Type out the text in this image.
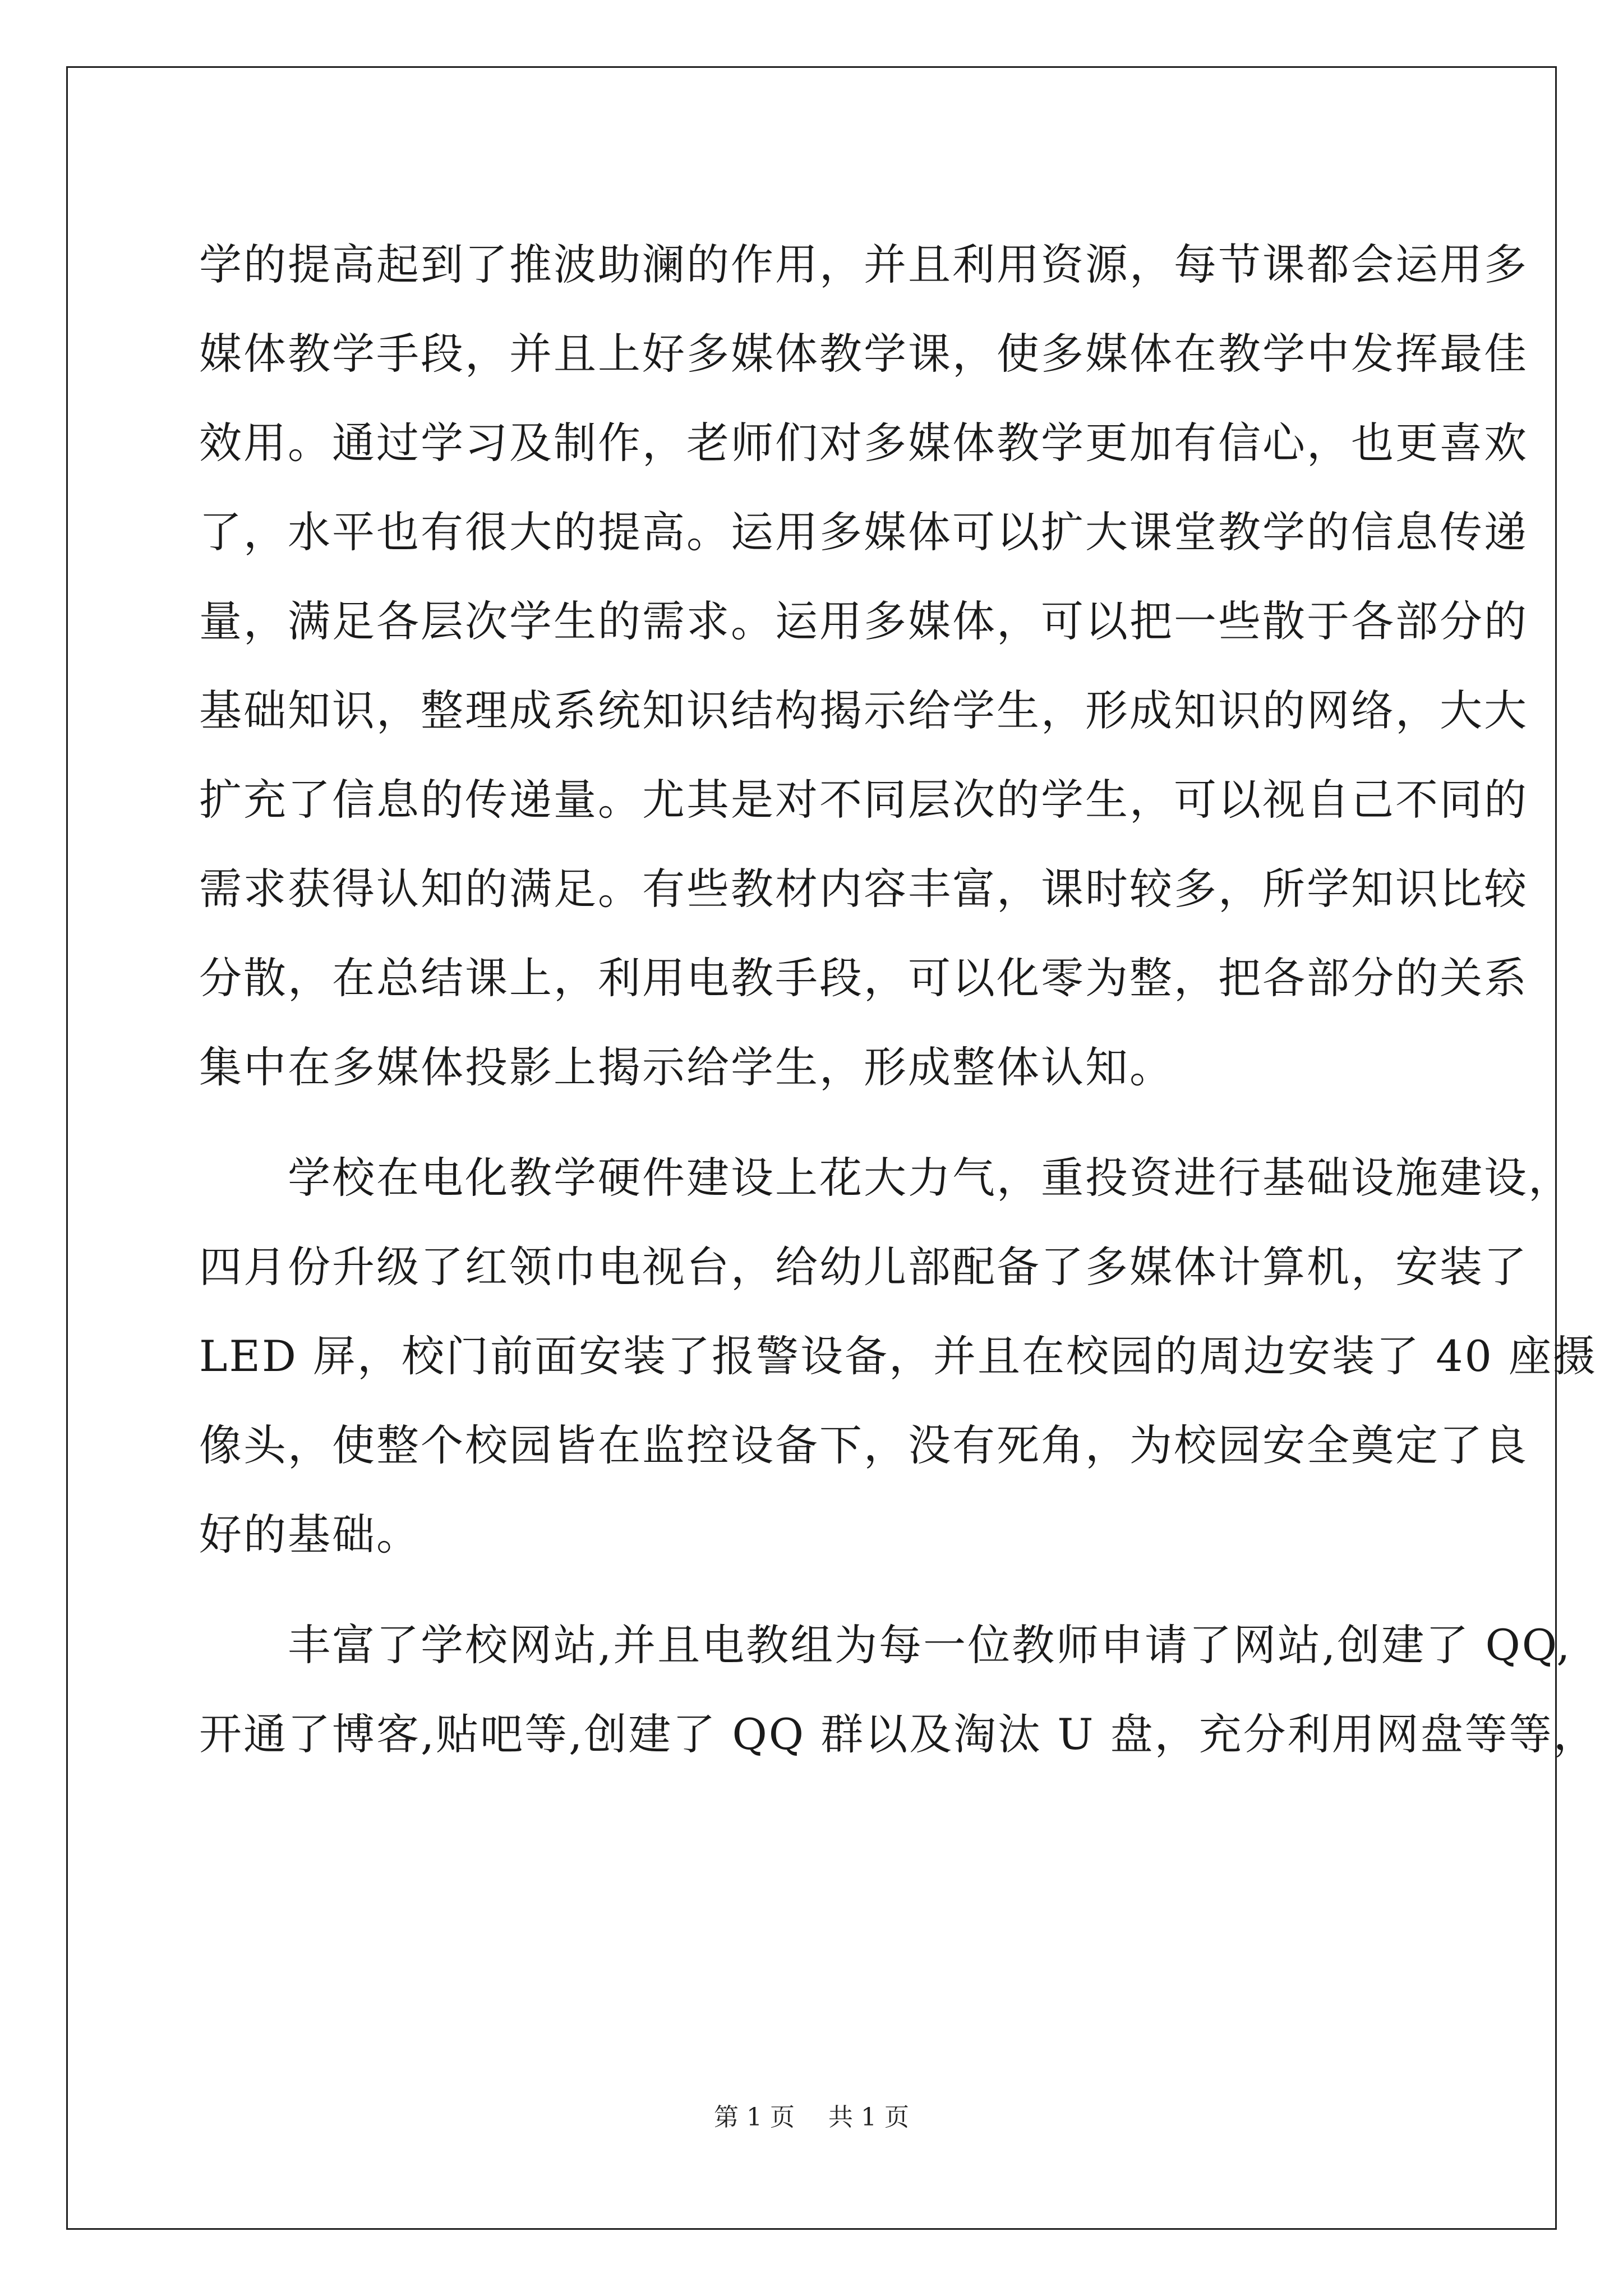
学的提高起到了推波助澜的作用，并且利用资源，每节课都会运用多
媒体教学手段，并且上好多媒体教学课，使多媒体在教学中发挥最佳
效用。通过学习及制作，老师们对多媒体教学更加有信心，也更喜欢
了，水平也有很大的提高。运用多媒体可以扩大课堂教学的信息传递
量，满足各层次学生的需求。运用多媒体，可以把一些散于各部分的
基础知识，整理成系统知识结构揭示给学生，形成知识的网络，大大
扩充了信息的传递量。尤其是对不同层次的学生，可以视自己不同的
需求获得认知的满足。有些教材内容丰富，课时较多，所学知识比较
分散，在总结课上，利用电教手段，可以化零为整，把各部分的关系
集中在多媒体投影上揭示给学生，形成整体认知。
　　学校在电化教学硬件建设上花大力气，重投资进行基础设施建设，
四月份升级了红领巾电视台，给幼儿部配备了多媒体计算机，安装了
LED 屏，校门前面安装了报警设备，并且在校园的周边安装了 40 座摄
像头，使整个校园皆在监控设备下，没有死角，为校园安全奠定了良
好的基础。
　　丰富了学校网站,并且电教组为每一位教师申请了网站,创建了 QQ,
开通了博客,贴吧等,创建了 QQ 群以及淘汰 U 盘，充分利用网盘等等，
第 1 页 共 1 页
